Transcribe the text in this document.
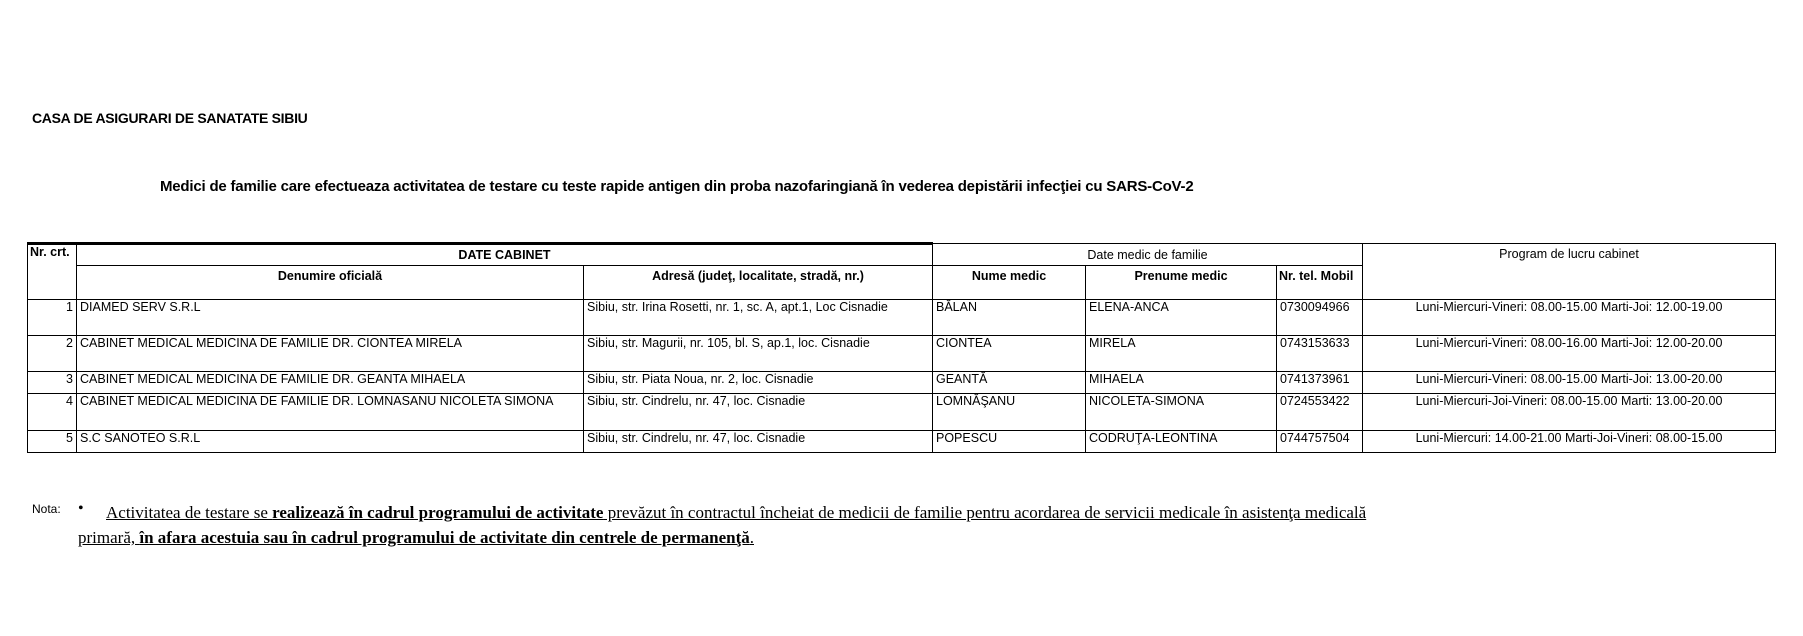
CASA DE ASIGURARI DE SANATATE SIBIU
Medici de familie care efectueaza activitatea de testare cu teste rapide antigen din proba nazofaringiană în vederea depistării infecţiei cu SARS-CoV-2
Nr. crt.	DATE CABINET		Date medic de familie			Program de lucru cabinet
	Denumire oficială	Adresă (judeţ, localitate, stradă, nr.)	Nume medic	Prenume medic	Nr. tel. Mobil	
1	DIAMED SERV S.R.L	Sibiu, str. Irina Rosetti, nr. 1, sc. A, apt.1, Loc Cisnadie	BĂLAN	ELENA-ANCA	0730094966	Luni-Miercuri-Vineri: 08.00-15.00 Marti-Joi: 12.00-19.00
2	CABINET MEDICAL MEDICINA DE FAMILIE DR. CIONTEA MIRELA	Sibiu, str. Magurii, nr. 105, bl. S, ap.1, loc. Cisnadie	CIONTEA	MIRELA	0743153633	Luni-Miercuri-Vineri: 08.00-16.00 Marti-Joi: 12.00-20.00
3	CABINET MEDICAL MEDICINA DE FAMILIE DR. GEANTA MIHAELA	Sibiu, str. Piata Noua, nr. 2, loc. Cisnadie	GEANTĂ	MIHAELA	0741373961	Luni-Miercuri-Vineri: 08.00-15.00 Marti-Joi: 13.00-20.00
4	CABINET MEDICAL MEDICINA DE FAMILIE DR. LOMNASANU NICOLETA SIMONA	Sibiu, str. Cindrelu, nr. 47, loc. Cisnadie	LOMNĂŞANU	NICOLETA-SIMONA	0724553422	Luni-Miercuri-Joi-Vineri: 08.00-15.00 Marti: 13.00-20.00
5	S.C SANOTEO S.R.L	Sibiu, str. Cindrelu, nr. 47, loc. Cisnadie	POPESCU	CODRUŢA-LEONTINA	0744757504	Luni-Miercuri: 14.00-21.00 Marti-Joi-Vineri: 08.00-15.00
Nota: •	Activitatea de testare se realizează în cadrul programului de activitate prevăzut în contractul încheiat de medicii de familie pentru acordarea de servicii medicale în asistenţa medicală primară, în afara acestuia sau în cadrul programului de activitate din centrele de permanenţă.
